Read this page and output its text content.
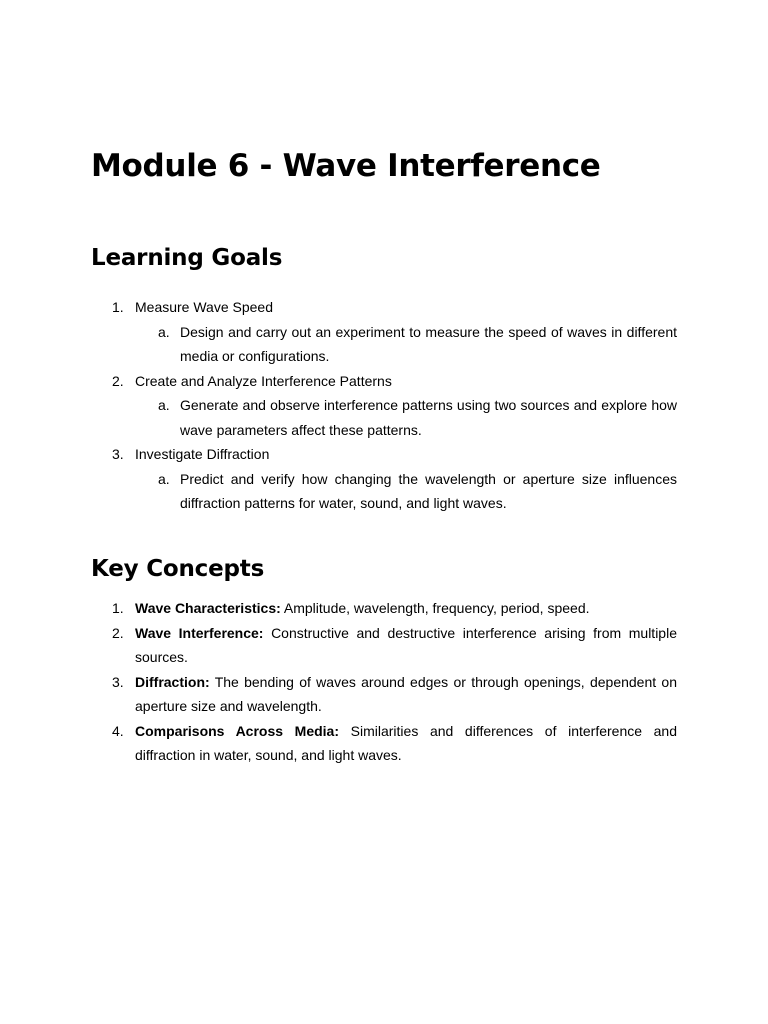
Module 6 - Wave Interference
Learning Goals
1. Measure Wave Speed
a. Design and carry out an experiment to measure the speed of waves in different media or configurations.
2. Create and Analyze Interference Patterns
a. Generate and observe interference patterns using two sources and explore how wave parameters affect these patterns.
3. Investigate Diffraction
a. Predict and verify how changing the wavelength or aperture size influences diffraction patterns for water, sound, and light waves.
Key Concepts
1. Wave Characteristics: Amplitude, wavelength, frequency, period, speed.
2. Wave Interference: Constructive and destructive interference arising from multiple sources.
3. Diffraction: The bending of waves around edges or through openings, dependent on aperture size and wavelength.
4. Comparisons Across Media: Similarities and differences of interference and diffraction in water, sound, and light waves.
